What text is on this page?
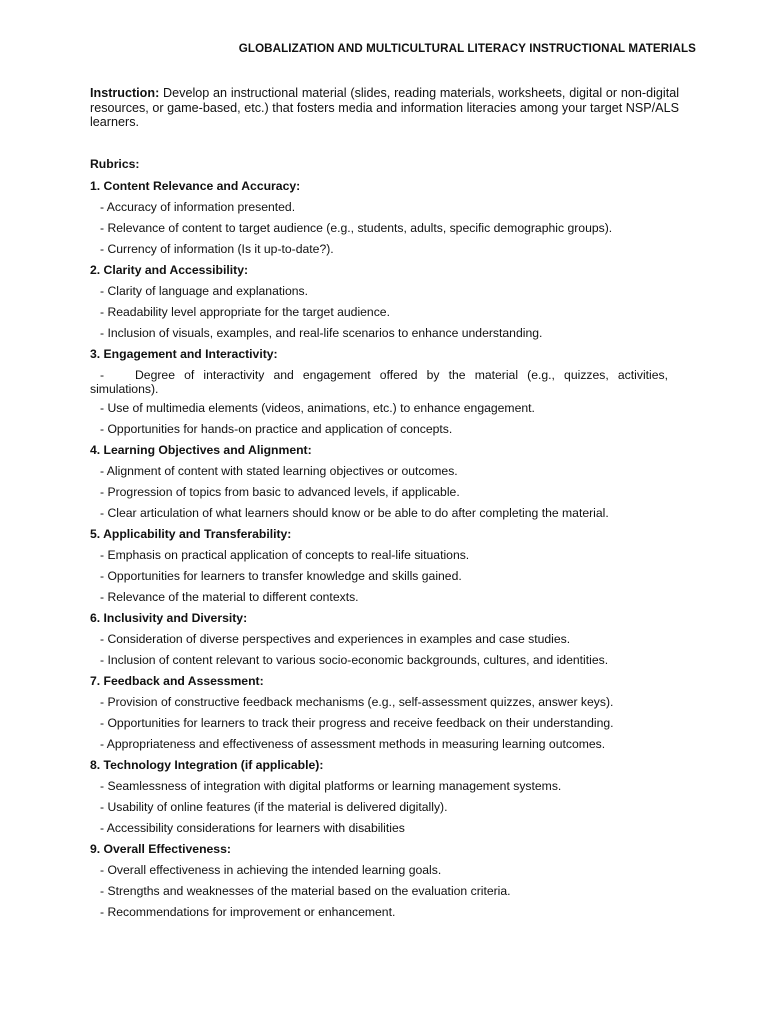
GLOBALIZATION AND MULTICULTURAL LITERACY INSTRUCTIONAL MATERIALS
Instruction: Develop an instructional material (slides, reading materials, worksheets, digital or non-digital resources, or game-based, etc.) that fosters media and information literacies among your target NSP/ALS learners.
Rubrics:
1. Content Relevance and Accuracy:
- Accuracy of information presented.
- Relevance of content to target audience (e.g., students, adults, specific demographic groups).
- Currency of information (Is it up-to-date?).
2. Clarity and Accessibility:
- Clarity of language and explanations.
- Readability level appropriate for the target audience.
- Inclusion of visuals, examples, and real-life scenarios to enhance understanding.
3. Engagement and Interactivity:
-	Degree of interactivity and engagement offered by the material (e.g., quizzes, activities, simulations).
- Use of multimedia elements (videos, animations, etc.) to enhance engagement.
- Opportunities for hands-on practice and application of concepts.
4. Learning Objectives and Alignment:
- Alignment of content with stated learning objectives or outcomes.
- Progression of topics from basic to advanced levels, if applicable.
- Clear articulation of what learners should know or be able to do after completing the material.
5. Applicability and Transferability:
- Emphasis on practical application of concepts to real-life situations.
- Opportunities for learners to transfer knowledge and skills gained.
- Relevance of the material to different contexts.
6. Inclusivity and Diversity:
- Consideration of diverse perspectives and experiences in examples and case studies.
- Inclusion of content relevant to various socio-economic backgrounds, cultures, and identities.
7. Feedback and Assessment:
- Provision of constructive feedback mechanisms (e.g., self-assessment quizzes, answer keys).
- Opportunities for learners to track their progress and receive feedback on their understanding.
- Appropriateness and effectiveness of assessment methods in measuring learning outcomes.
8. Technology Integration (if applicable):
- Seamlessness of integration with digital platforms or learning management systems.
- Usability of online features (if the material is delivered digitally).
- Accessibility considerations for learners with disabilities
9. Overall Effectiveness:
- Overall effectiveness in achieving the intended learning goals.
- Strengths and weaknesses of the material based on the evaluation criteria.
- Recommendations for improvement or enhancement.
